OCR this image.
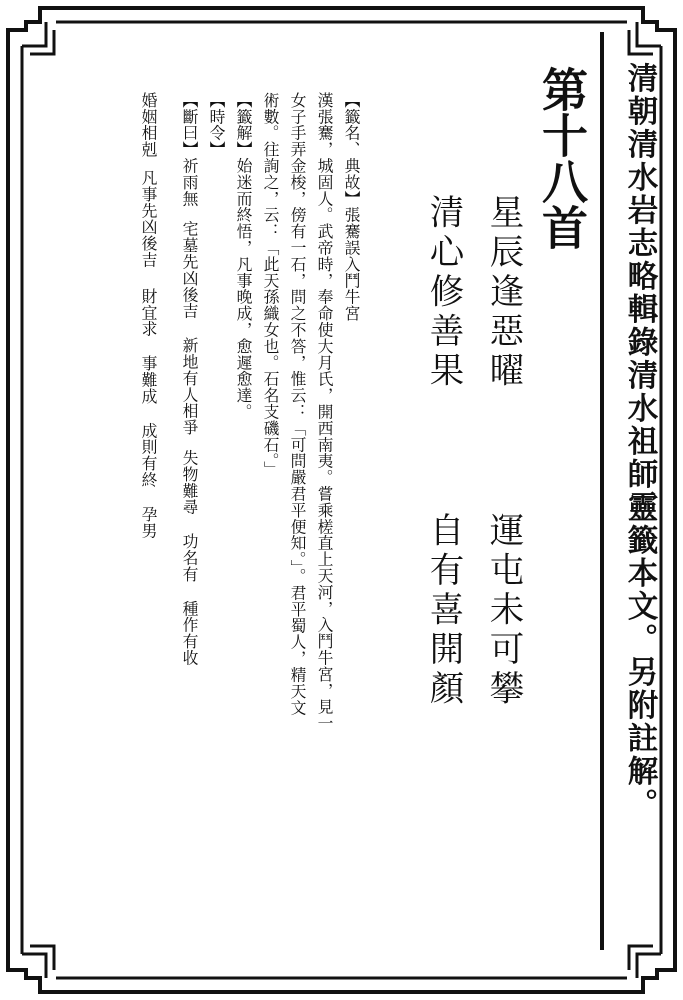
清朝清水岩志略輯錄清水祖師靈籤本文。另附註解。

第十八首

星辰逢惡曜

清心修善果

運屯未可攀

自有喜開顏

【籤名、典故】張騫誤入鬥牛宮

漢張騫，城固人。武帝時，奉命使大月氏，開西南夷。嘗乘槎直上天河，入鬥牛宮，見一

女子手弄金梭，傍有一石，問之不答，惟云：「可問嚴君平便知。」。君平蜀人，精天文

術數。往詢之，云：「此天孫織女也。石名支磯石。」

【籤解】始迷而終悟，凡事晚成，愈遲愈達。

【時令】

【斷曰】祈雨無宅墓先凶後吉新地有人相爭失物難尋功名有種作有收
婚姻相剋凡事先凶後吉財宜求事難成成則有終孕男
